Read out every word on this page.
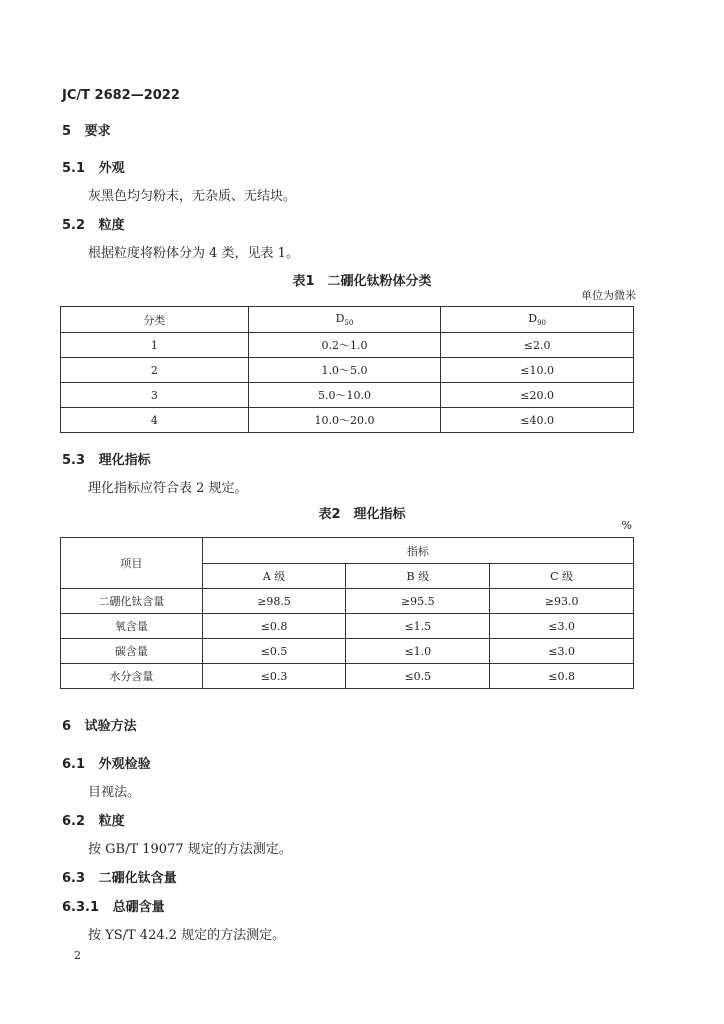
JC/T 2682—2022
5 要求
5.1 外观
灰黑色均匀粉末，无杂质、无结块。
5.2 粒度
根据粒度将粉体分为 4 类，见表 1。
表1　二硼化钛粉体分类
单位为微米
分类	$D_{50}$	$D_{90}$
1	0.2～1.0	≤2.0
2	1.0～5.0	≤10.0
3	5.0～10.0	≤20.0
4	10.0～20.0	≤40.0
5.3 理化指标
理化指标应符合表 2 规定。
表2　理化指标
%
项目	指标		
	A 级	B 级	C 级
二硼化钛含量	≥98.5	≥95.5	≥93.0
氧含量	≤0.8	≤1.5	≤3.0
碳含量	≤0.5	≤1.0	≤3.0
水分含量	≤0.3	≤0.5	≤0.8
6 试验方法
6.1 外观检验
目视法。
6.2 粒度
按 GB/T 19077 规定的方法测定。
6.3 二硼化钛含量
6.3.1 总硼含量
按 YS/T 424.2 规定的方法测定。
2
